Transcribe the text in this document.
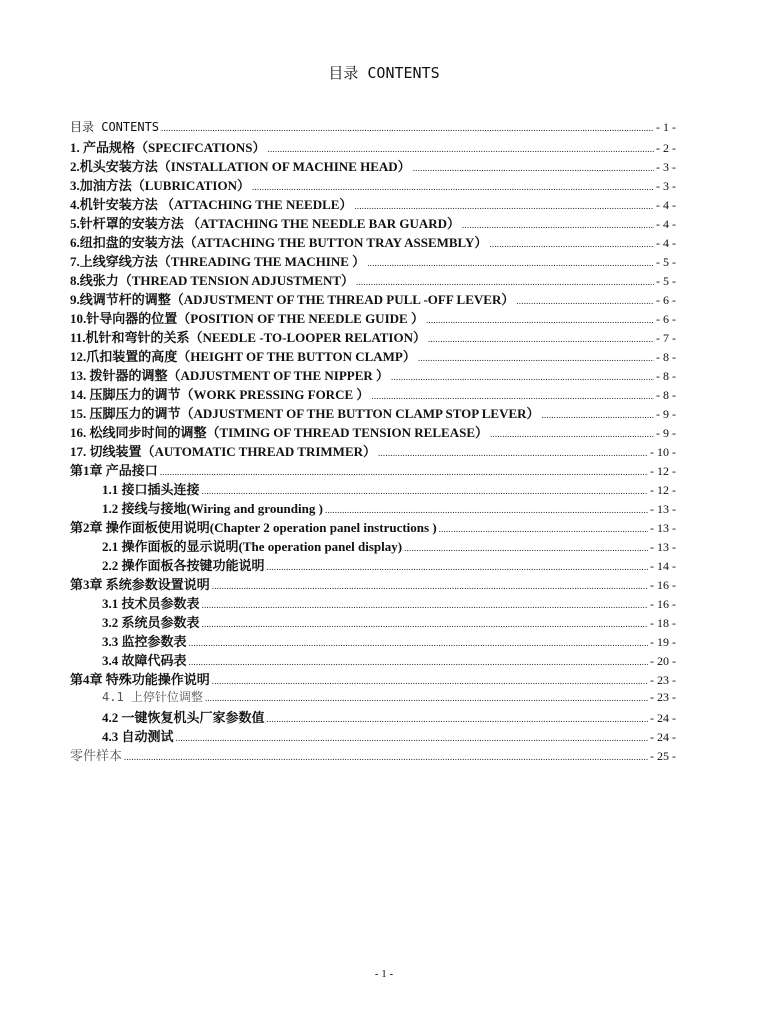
目录 CONTENTS
目录 CONTENTS .....	- 1 -
1. 产品规格（SPECIFCATIONS） .....	- 2 -
2.机头安装方法（INSTALLATION OF MACHINE HEAD） .....	- 3 -
3.加油方法（LUBRICATION） .....	- 3 -
4.机针安装方法 （ATTACHING THE NEEDLE） .....	- 4 -
5.针杆罩的安装方法 （ATTACHING THE NEEDLE BAR GUARD） .....	- 4 -
6.纽扣盘的安装方法（ATTACHING THE BUTTON TRAY ASSEMBLY） .....	- 4 -
7.上线穿线方法（THREADING THE MACHINE ） .....	- 5 -
8.线张力（THREAD TENSION ADJUSTMENT） .....	- 5 -
9.线调节杆的调整（ADJUSTMENT OF THE THREAD PULL -OFF LEVER） .....	- 6 -
10.针导向器的位置（POSITION OF THE NEEDLE GUIDE ） .....	- 6 -
11.机针和弯针的关系（NEEDLE -TO-LOOPER RELATION） .....	- 7 -
12.爪扣装置的高度（HEIGHT OF THE BUTTON CLAMP） .....	- 8 -
13. 拨针器的调整（ADJUSTMENT OF THE NIPPER ） .....	- 8 -
14. 压脚压力的调节（WORK PRESSING FORCE ） .....	- 8 -
15. 压脚压力的调节（ADJUSTMENT OF THE BUTTON CLAMP STOP LEVER） .....	- 9 -
16. 松线同步时间的调整（TIMING OF THREAD TENSION RELEASE） .....	- 9 -
17. 切线装置（AUTOMATIC THREAD TRIMMER） .....	- 10 -
第1章 产品接口 .....	- 12 -
1.1 接口插头连接 .....	- 12 -
1.2 接线与接地(Wiring and grounding ) .....	- 13 -
第2章 操作面板使用说明(Chapter 2 operation panel instructions ) .....	- 13 -
2.1 操作面板的显示说明(The operation panel display) .....	- 13 -
2.2 操作面板各按键功能说明 .....	- 14 -
第3章 系统参数设置说明 .....	- 16 -
3.1 技术员参数表 .....	- 16 -
3.2 系统员参数表 .....	- 18 -
3.3 监控参数表 .....	- 19 -
3.4 故障代码表 .....	- 20 -
第4章 特殊功能操作说明 .....	- 23 -
4.1 上停针位调整 .....	- 23 -
4.2 一键恢复机头厂家参数值 .....	- 24 -
4.3 自动测试 .....	- 24 -
零件样本 .....	- 25 -
- 1 -
